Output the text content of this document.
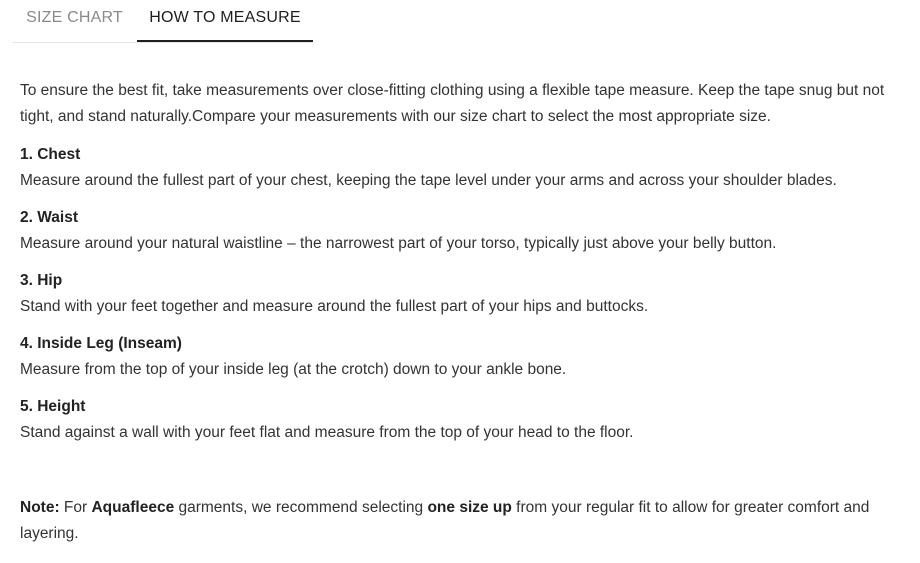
SIZE CHART	HOW TO MEASURE

To ensure the best fit, take measurements over close-fitting clothing using a flexible tape measure. Keep the tape snug but not tight, and stand naturally.Compare your measurements with our size chart to select the most appropriate size.

1. Chest
Measure around the fullest part of your chest, keeping the tape level under your arms and across your shoulder blades.
2. Waist
Measure around your natural waistline – the narrowest part of your torso, typically just above your belly button.
3. Hip
Stand with your feet together and measure around the fullest part of your hips and buttocks.
4. Inside Leg (Inseam)
Measure from the top of your inside leg (at the crotch) down to your ankle bone.
5. Height
Stand against a wall with your feet flat and measure from the top of your head to the floor.

Note: For Aquafleece garments, we recommend selecting one size up from your regular fit to allow for greater comfort and layering.
